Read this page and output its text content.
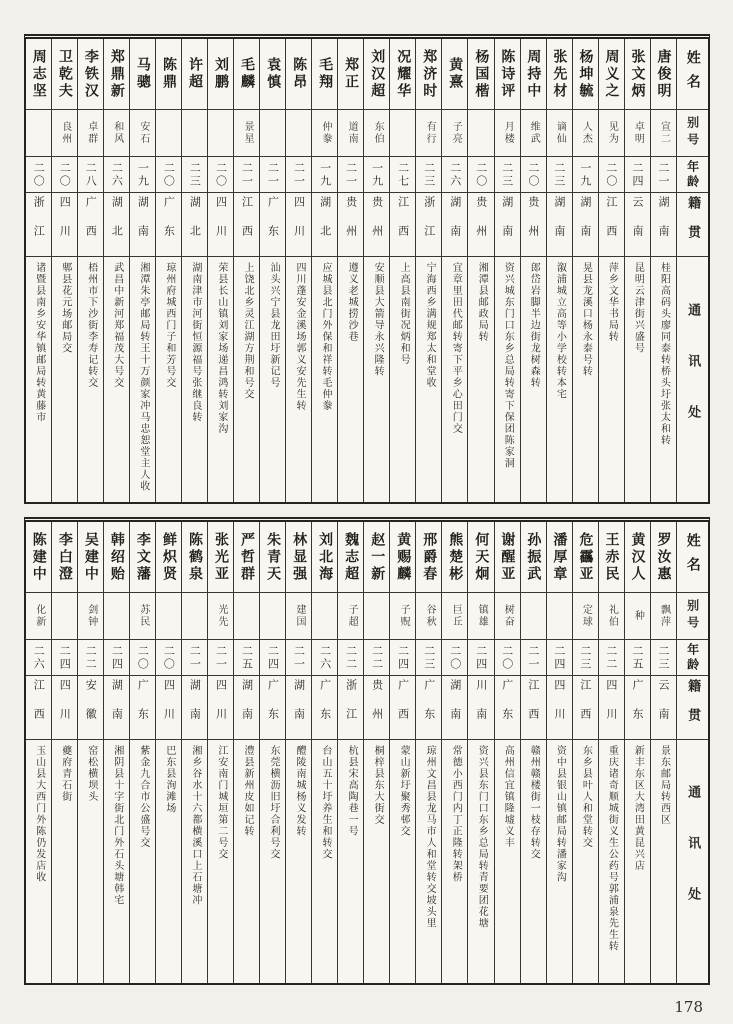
姓名
别号
年龄
籍贯
通讯处
唐俊明
宣二
二一
湖南
桂阳高码头廖同泰转桥头圩张太和转
张文炳
卓明
二四
云南
昆明云津街兴盛号
周义之
见为
二〇
江西
萍乡文华书局转
杨坤毓
人杰
一九
湖南
晃县龙溪口杨永泰号转
张先材
谪仙
二三
湖南
溆浦城立高等小学校转本宅
周持中
维武
二〇
贵州
郎岱岩脚半边街龙树森转
陈诗评
月楼
二三
湖南
资兴城东门口东乡总局转寄下保团陈家洞
杨国楷
二〇
贵州
湘潭县邮政局转
黄熹
子亮
二六
湖南
宜章里田代邮转寄下平乡心田门交
郑济时
有行
二三
浙江
宁海西乡满规郑太和堂收
况耀华
二七
江西
上高县南街况炳和号
刘汉超
东伯
一九
贵州
安顺县大箭导永兴隆转
郑正
道南
二一
贵州
遵义老城捞沙巷
毛翔
仲豢
一九
湖北
应城县北门外保和祥转毛仲豢
陈昂
二一
四川
四川蓬安金溪场郭义安先生转
袁慎
二一
广东
汕头兴宁县龙田圩新记号
毛麟
景星
二一
江西
上饶北乡灵江湖方荆和号交
刘鹏
二〇
四川
荣县长山镇刘家场递昌鸿转刘家沟
许超
二三
湖北
湖南津市河街恒源福号张继良转
陈鼎
二〇
广东
琼州府城西门子和芳号交
马骢
安石
一九
湖南
湘潭朱亭邮局转王十万颜家冲马忠恕堂主人收
郑鼎新
和风
二六
湖北
武昌中新河郑福茂大号交
李铁汉
卓群
二八
广西
梧州市下沙街李寿记转交
卫乾夫
良州
二〇
四川
郫县花元场邮局交
周志坚
二〇
浙江
诸暨县南乡安华镇邮局转黄藤市
姓名
别号
年龄
籍贯
通讯处
罗汝惠
飘萍
二三
云南
景东邮局转西区
黄汉人
种
二五
广东
新丰东区大湾田黄昆兴店
王赤民
礼伯
二二
四川
重庆诸奇顺城街义生公药号郭浦泉先生转
危靏亚
定球
二三
江西
东乡县叶人和堂转交
潘厚章
二四
四川
资中县银山镇邮局转潘家沟
孙振武
二一
江西
赣州赣楼街一枝存转交
谢醒亚
树奋
二〇
广东
高州信宜镇隆墟义丰
何天炯
镇雄
二四
川南
资兴县东门口东乡总局转青要团花塘
熊楚彬
巨丘
二〇
湖南
常德小西门内丁正隆转架桥
邢爵春
谷秋
二三
广东
琼州文昌县龙马市人和堂转交坡头里
黄赐麟
子贶
二四
广西
蒙山新圩聚秀邨交
赵一新
二二
贵州
桐梓县东大街交
魏志超
子超
二二
浙江
杭县宋高陶巷一号
刘北海
二六
广东
台山五十圩养生和转交
林显强
建国
二一
湖南
醴陵南城杨义发转
朱青天
二四
广东
东莞横沥旧圩合利号交
严哲群
二五
湖南
澧县新州皮如记转
张光亚
光先
二一
四川
江安南门城垣第二号交
陈鹤泉
二一
湖南
湘乡谷水十六都横溪口上石塘冲
鲜炽贤
二〇
四川
巴东县洵滩场
李文藩
苏民
二〇
广东
紫金九合市公盛号交
韩绍贻
二四
湖南
湘阴县十字街北门外石头塘韩宅
吴建中
剑钟
二二
安徽
窑松横坝头
李白澄
二四
四川
夔府青石街
陈建中
化新
二六
江西
玉山县大西门外陈仍发店收
178
